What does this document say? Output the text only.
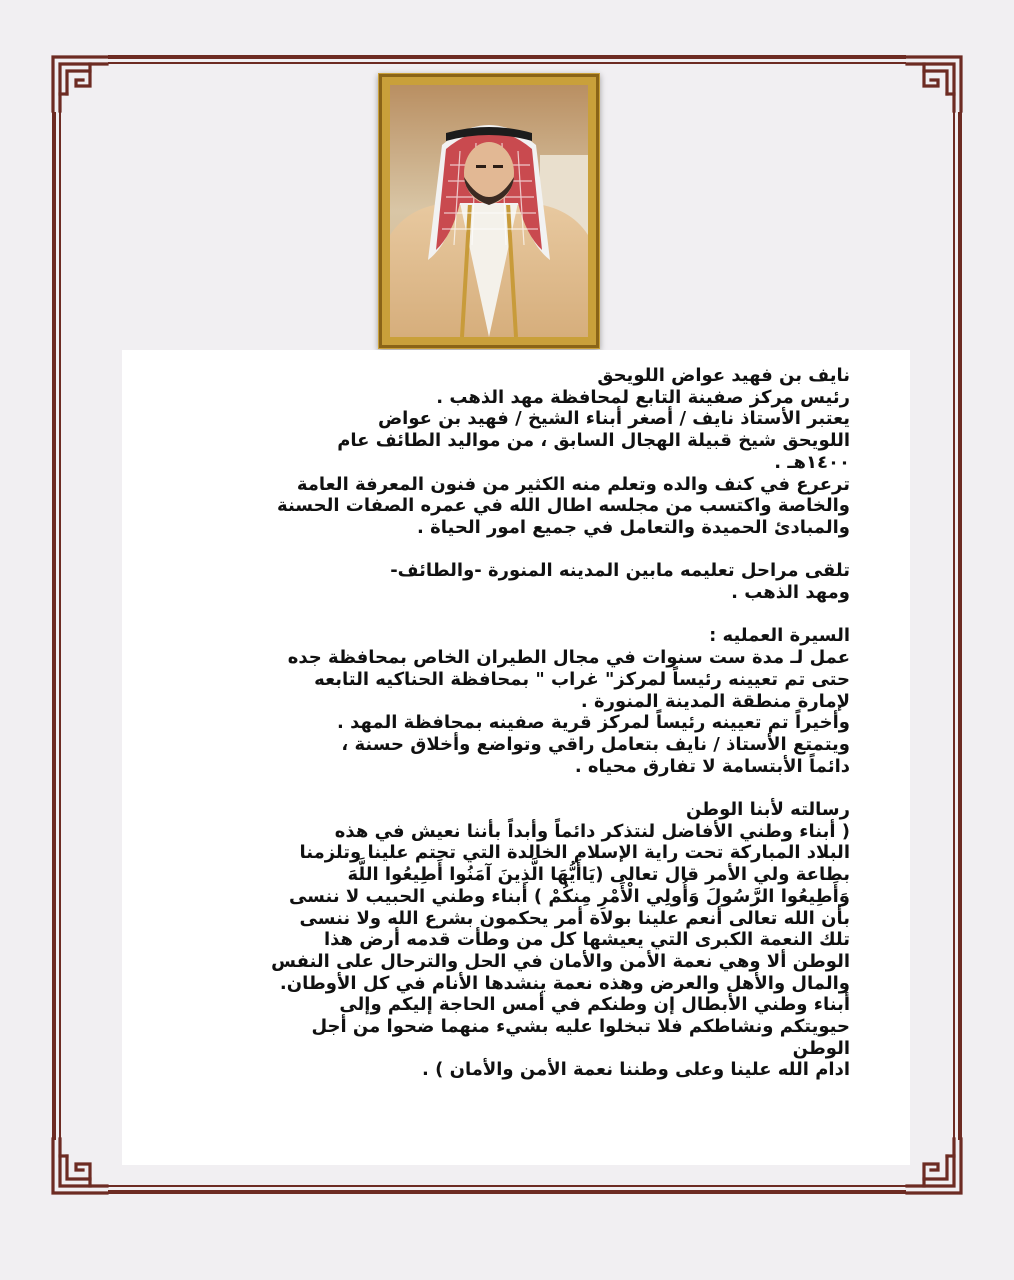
نايف بن فهيد عواض اللويحق

رئيس مركز صفينة التابع لمحافظة مهد الذهب .

يعتبر الأستاذ نايف / أصغر أبناء الشيخ / فهيد بن عواض

اللويحق شيخ قبيلة الهجال السابق ، من مواليد الطائف عام

١٤٠٠هـ .

ترعرع في كنف والده وتعلم منه الكثير من فنون المعرفة العامة

والخاصة واكتسب من مجلسه اطال الله في عمره الصفات الحسنة

والمبادئ الحميدة والتعامل في جميع امور الحياة .

تلقى مراحل تعليمه مابين المدينه المنورة -والطائف-

ومهد الذهب .

السيرة العمليه :

عمل لـ مدة ست سنوات في مجال الطيران الخاص بمحافظة جده

حتى تم تعيينه رئيساً لمركز" غراب " بمحافظة الحناكيه التابعه

لإمارة منطقة المدينة المنورة .

وأخيراً تم تعيينه رئيساً لمركز قرية صفينه بمحافظة المهد .

ويتمتع الأستاذ / نايف بتعامل راقي وتواضع وأخلاق حسنة ،

دائماً الأبتسامة لا تفارق محياه .

رسالته لأبنا الوطن

( أبناء وطني الأفاضل لنتذكر دائماً وأبداً بأننا نعيش في هذه

البلاد المباركة تحت راية الإسلام الخالدة التي تحتم علينا وتلزمنا

بطاعة ولي الأمر قال تعالى (يَاأَيُّهَا الَّذِينَ آمَنُوا أَطِيعُوا اللَّهَ

وَأَطِيعُوا الرَّسُولَ وَأُولِي الْأَمْرِ مِنكُمْ ) أبناء وطني الحبيب لا ننسى

بأن الله تعالى أنعم علينا بولاة أمر يحكمون بشرع الله ولا ننسى

تلك النعمة الكبرى التي يعيشها كل من وطأت قدمه أرض هذا

الوطن ألا وهي نعمة الأمن والأمان في الحل والترحال على النفس

والمال والأهل والعرض وهذه نعمة ينشدها الأنام في كل الأوطان.

أبناء وطني الأبطال إن وطنكم في أمس الحاجة إليكم وإلى

حيويتكم ونشاطكم فلا تبخلوا عليه بشيء منهما ضحوا من أجل

الوطن

ادام الله علينا وعلى وطننا نعمة الأمن والأمان ) .
